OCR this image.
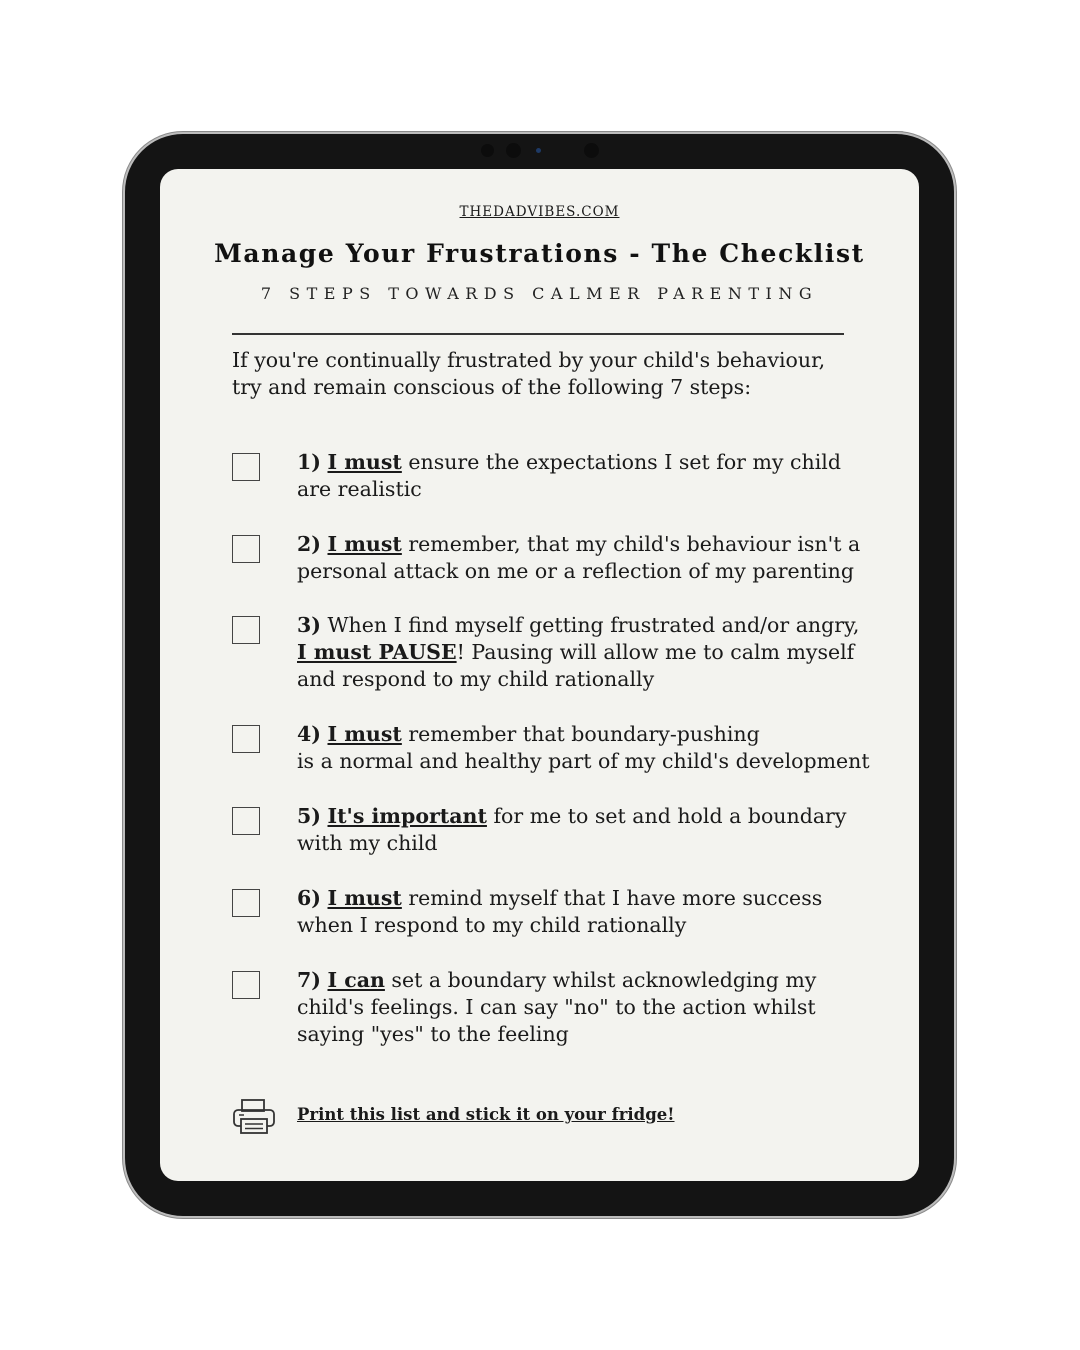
THEDADVIBES.COM
Manage Your Frustrations - The Checklist
7 STEPS TOWARDS CALMER PARENTING
If you're continually frustrated by your child's behaviour,
try and remain conscious of the following 7 steps:
1) I must ensure the expectations I set for my child
are realistic
2) I must remember, that my child's behaviour isn't a
personal attack on me or a reflection of my parenting
3) When I find myself getting frustrated and/or angry,
I must PAUSE! Pausing will allow me to calm myself
and respond to my child rationally
4) I must remember that boundary-pushing
is a normal and healthy part of my child's development
5) It's important for me to set and hold a boundary
with my child
6) I must remind myself that I have more success
when I respond to my child rationally
7) I can set a boundary whilst acknowledging my
child's feelings. I can say "no" to the action whilst
saying "yes" to the feeling
Print this list and stick it on your fridge!
